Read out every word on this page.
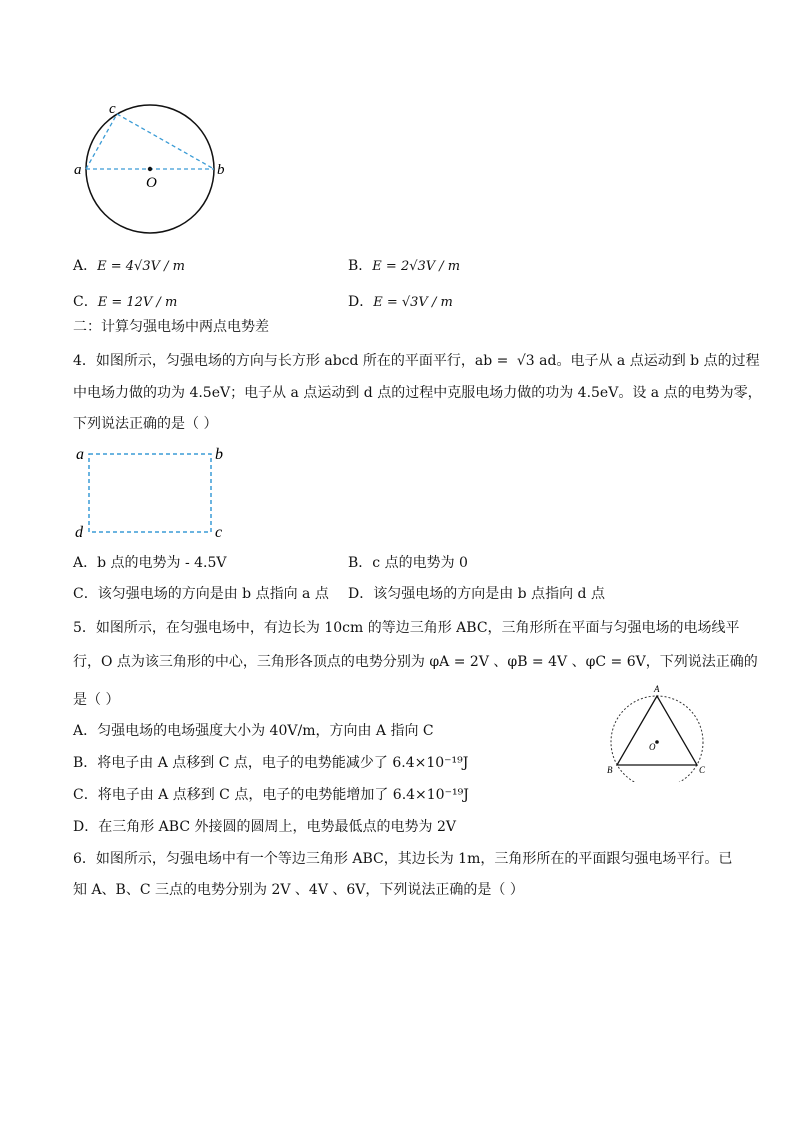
a	b
c
O
A．E = 4√3V / m	B．E = 2√3V / m
C．E = 12V / m	D．E = √3V / m
二：计算匀强电场中两点电势差
4．如图所示，匀强电场的方向与长方形 abcd 所在的平面平行，ab = √3 ad。电子从 a 点运动到 b 点的过程
中电场力做的功为 4.5eV；电子从 a 点运动到 d 点的过程中克服电场力做的功为 4.5eV。设 a 点的电势为零，
下列说法正确的是（ ）
a	b
c
d
A．b 点的电势为 - 4.5V	B．c 点的电势为 0
C．该匀强电场的方向是由 b 点指向 a 点 D．该匀强电场的方向是由 b 点指向 d 点
5．如图所示，在匀强电场中，有边长为 10cm 的等边三角形 ABC，三角形所在平面与匀强电场的电场线平
行，O 点为该三角形的中心，三角形各顶点的电势分别为 φA = 2V 、φB = 4V 、φC = 6V，下列说法正确的
是（ ）
A．匀强电场的电场强度大小为 40V/m，方向由 A 指向 C
B．将电子由 A 点移到 C 点，电子的电势能减少了 6.4×10⁻¹⁹J
C．将电子由 A 点移到 C 点，电子的电势能增加了 6.4×10⁻¹⁹J
D．在三角形 ABC 外接圆的圆周上，电势最低点的电势为 2V
A
B	C
O
6．如图所示，匀强电场中有一个等边三角形 ABC，其边长为 1m，三角形所在的平面跟匀强电场平行。已
知 A、B、C 三点的电势分别为 2V 、4V 、6V，下列说法正确的是（ ）
